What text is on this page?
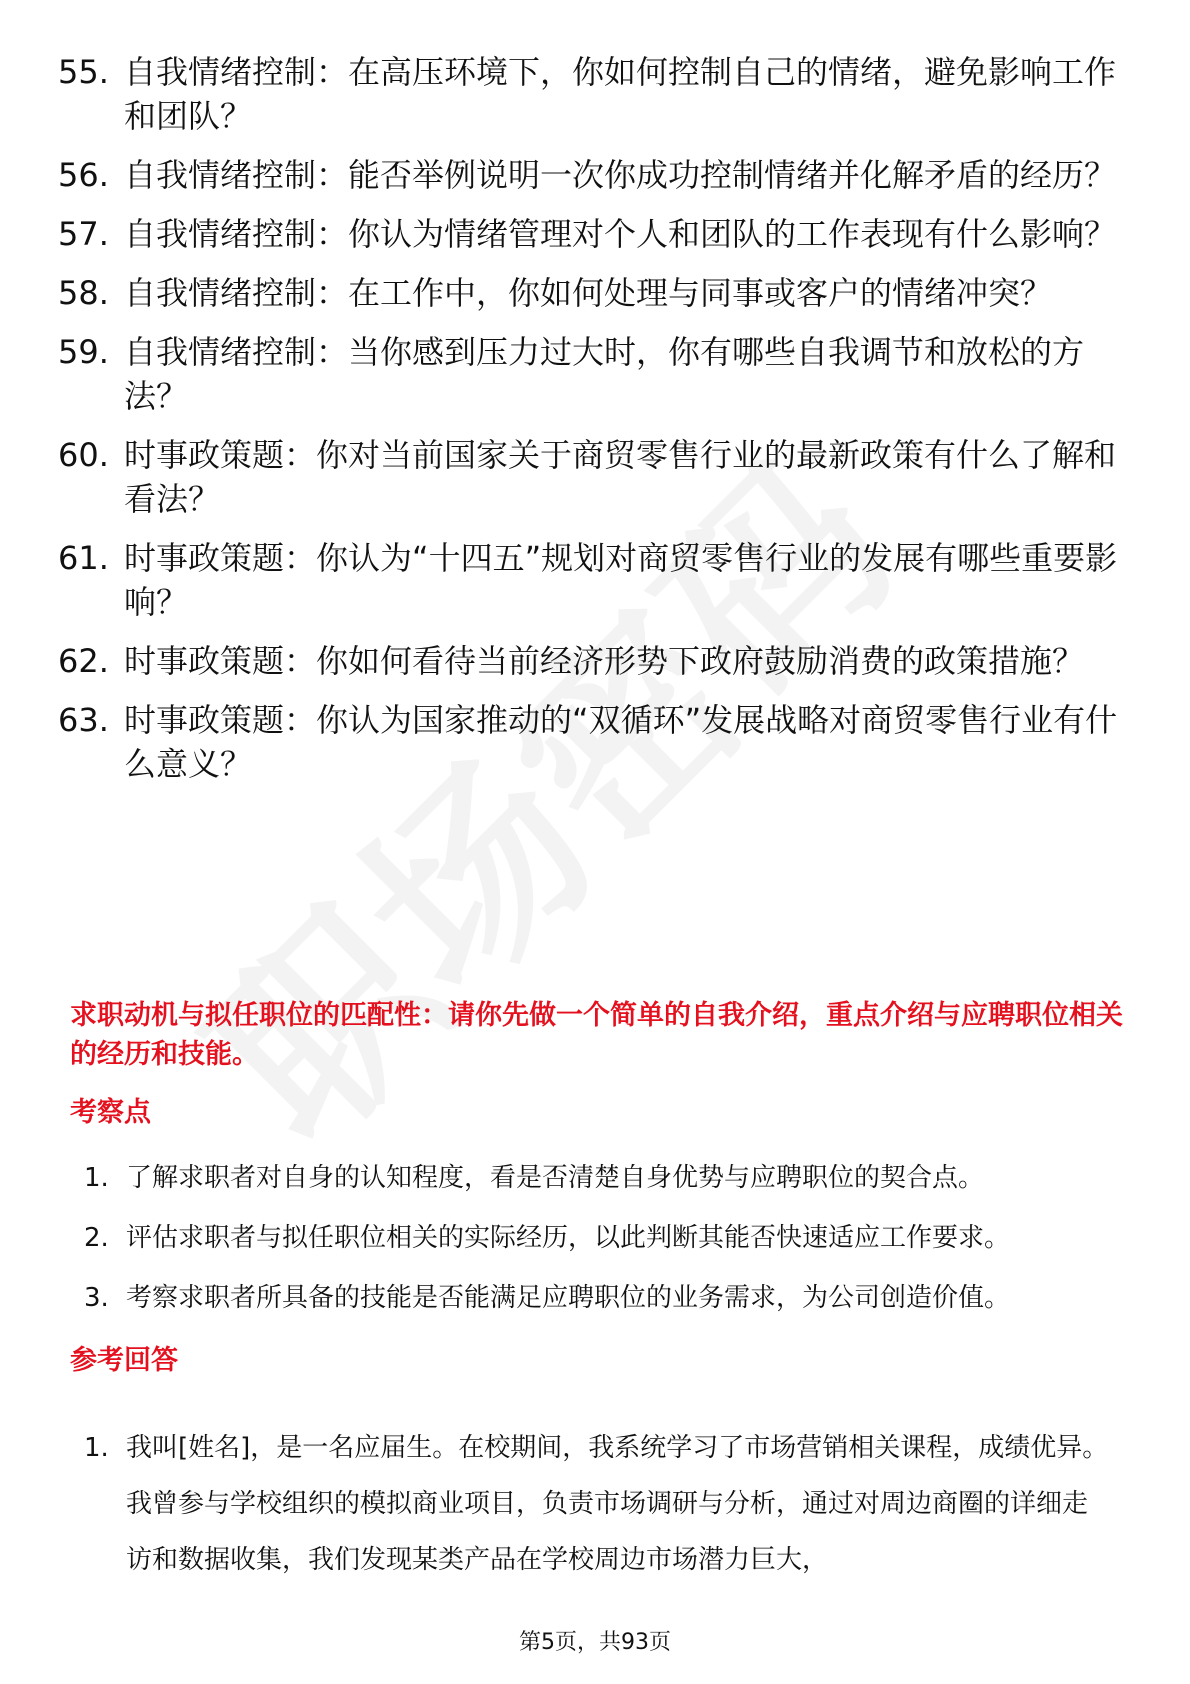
55. 自我情绪控制：在高压环境下，你如何控制自己的情绪，避免影响工作和团队？
56. 自我情绪控制：能否举例说明一次你成功控制情绪并化解矛盾的经历？
57. 自我情绪控制：你认为情绪管理对个人和团队的工作表现有什么影响？
58. 自我情绪控制：在工作中，你如何处理与同事或客户的情绪冲突？
59. 自我情绪控制：当你感到压力过大时，你有哪些自我调节和放松的方法？
60. 时事政策题：你对当前国家关于商贸零售行业的最新政策有什么了解和看法？
61. 时事政策题：你认为“十四五”规划对商贸零售行业的发展有哪些重要影响？
62. 时事政策题：你如何看待当前经济形势下政府鼓励消费的政策措施？
63. 时事政策题：你认为国家推动的“双循环”发展战略对商贸零售行业有什么意义？
求职动机与拟任职位的匹配性：请你先做一个简单的自我介绍，重点介绍与应聘职位相关的经历和技能。
考察点
1. 了解求职者对自身的认知程度，看是否清楚自身优势与应聘职位的契合点。
2. 评估求职者与拟任职位相关的实际经历，以此判断其能否快速适应工作要求。
3. 考察求职者所具备的技能是否能满足应聘职位的业务需求，为公司创造价值。
参考回答
1. 我叫[姓名]，是一名应届生。在校期间，我系统学习了市场营销相关课程，成绩优异。我曾参与学校组织的模拟商业项目，负责市场调研与分析，通过对周边商圈的详细走访和数据收集，我们发现某类产品在学校周边市场潜力巨大，
第5页，共93页
